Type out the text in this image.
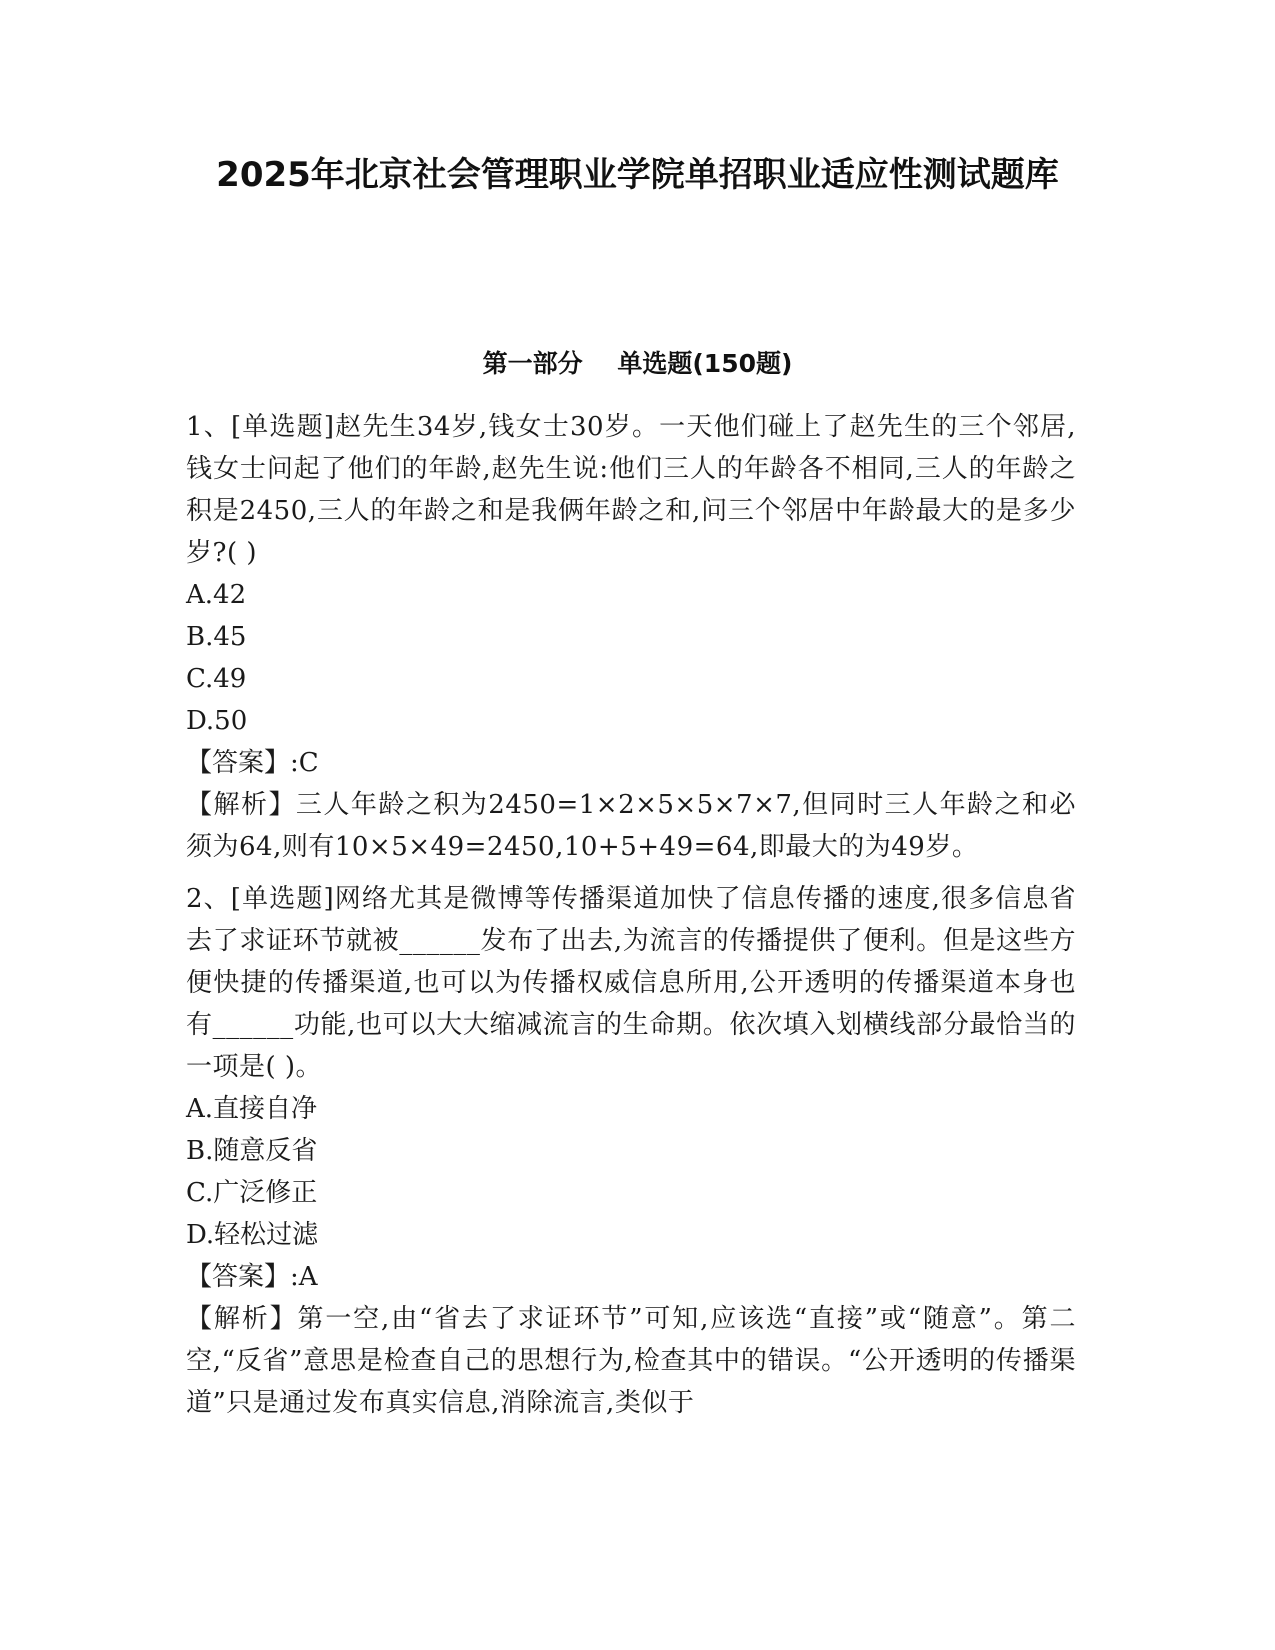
2025年北京社会管理职业学院单招职业适应性测试题库
第一部分    单选题(150题)

1、[单选题]赵先生34岁,钱女士30岁。一天他们碰上了赵先生的三个邻居,钱女士问起了他们的年龄,赵先生说:他们三人的年龄各不相同,三人的年龄之积是2450,三人的年龄之和是我俩年龄之和,问三个邻居中年龄最大的是多少岁?( )

A.42
B.45
C.49
D.50

【答案】:C

【解析】三人年龄之积为2450=1×2×5×5×7×7,但同时三人年龄之和必须为64,则有10×5×49=2450,10+5+49=64,即最大的为49岁。

2、[单选题]网络尤其是微博等传播渠道加快了信息传播的速度,很多信息省去了求证环节就被______发布了出去,为流言的传播提供了便利。但是这些方便快捷的传播渠道,也可以为传播权威信息所用,公开透明的传播渠道本身也有______功能,也可以大大缩减流言的生命期。依次填入划横线部分最恰当的一项是( )。

A.直接自净
B.随意反省
C.广泛修正
D.轻松过滤

【答案】:A

【解析】第一空,由“省去了求证环节”可知,应该选“直接”或“随意”。第二空,“反省”意思是检查自己的思想行为,检查其中的错误。“公开透明的传播渠道”只是通过发布真实信息,消除流言,类似于
